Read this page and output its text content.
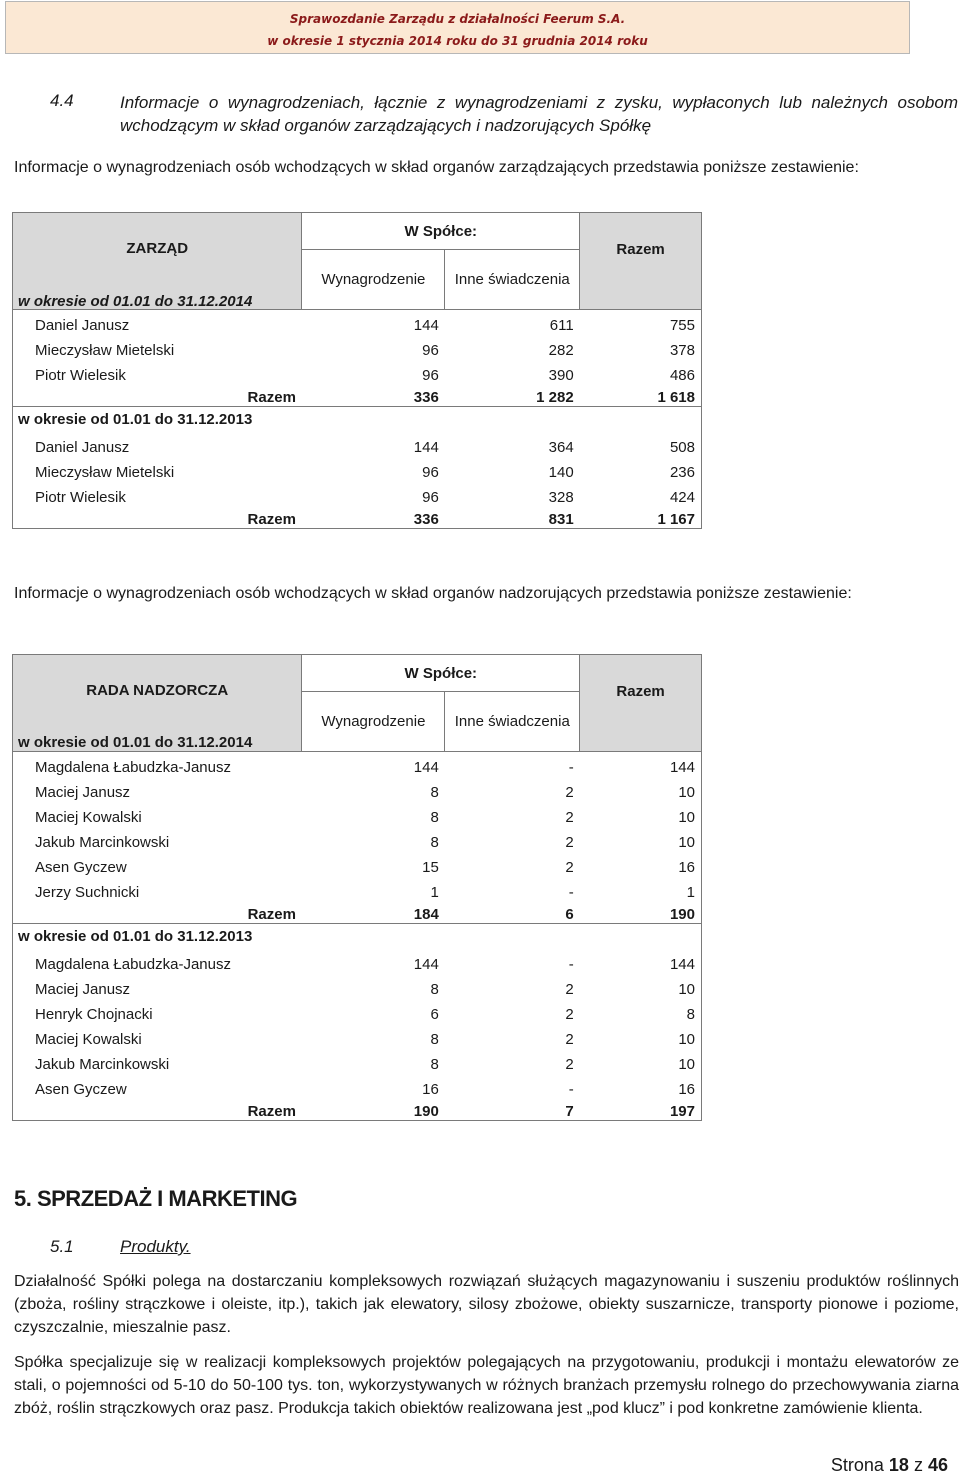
Sprawozdanie Zarządu z działalności Feerum S.A.
w okresie 1 stycznia 2014 roku do 31 grudnia 2014 roku
4.4	Informacje o wynagrodzeniach, łącznie z wynagrodzeniami z zysku, wypłaconych lub należnych osobom wchodzącym w skład organów zarządzających i nadzorujących Spółkę
Informacje o wynagrodzeniach osób wchodzących w skład organów zarządzających przedstawia poniższe zestawienie:
ZARZĄD
w okresie od 01.01 do 31.12.2014	W Spółce:		Razem
	Wynagrodzenie	Inne świadczenia	
Daniel Janusz	144	611	755
Mieczysław Mietelski	96	282	378
Piotr Wielesik	96	390	486
Razem	336	1 282	1 618
w okresie od 01.01 do 31.12.2013			
Daniel Janusz	144	364	508
Mieczysław Mietelski	96	140	236
Piotr Wielesik	96	328	424
Razem	336	831	1 167
Informacje o wynagrodzeniach osób wchodzących w skład organów nadzorujących przedstawia poniższe zestawienie:
RADA NADZORCZA
w okresie od 01.01 do 31.12.2014	W Spółce:		Razem
	Wynagrodzenie	Inne świadczenia	
Magdalena Łabudzka-Janusz	144	-	144
Maciej Janusz	8	2	10
Maciej Kowalski	8	2	10
Jakub Marcinkowski	8	2	10
Asen Gyczew	15	2	16
Jerzy Suchnicki	1	-	1
Razem	184	6	190
w okresie od 01.01 do 31.12.2013			
Magdalena Łabudzka-Janusz	144	-	144
Maciej Janusz	8	2	10
Henryk Chojnacki	6	2	8
Maciej Kowalski	8	2	10
Jakub Marcinkowski	8	2	10
Asen Gyczew	16	-	16
Razem	190	7	197
5. SPRZEDAŻ I MARKETING
5.1	Produkty.
Działalność Spółki polega na dostarczaniu kompleksowych rozwiązań służących magazynowaniu i suszeniu produktów roślinnych (zboża, rośliny strączkowe i oleiste, itp.), takich jak elewatory, silosy zbożowe, obiekty suszarnicze, transporty pionowe i poziome, czyszczalnie, mieszalnie pasz.
Spółka specjalizuje się w realizacji kompleksowych projektów polegających na przygotowaniu, produkcji i montażu elewatorów ze stali, o pojemności od 5-10 do 50-100 tys. ton, wykorzystywanych w różnych branżach przemysłu rolnego do przechowywania ziarna zbóż, roślin strączkowych oraz pasz. Produkcja takich obiektów realizowana jest „pod klucz” i pod konkretne zamówienie klienta.
Strona 18 z 46
